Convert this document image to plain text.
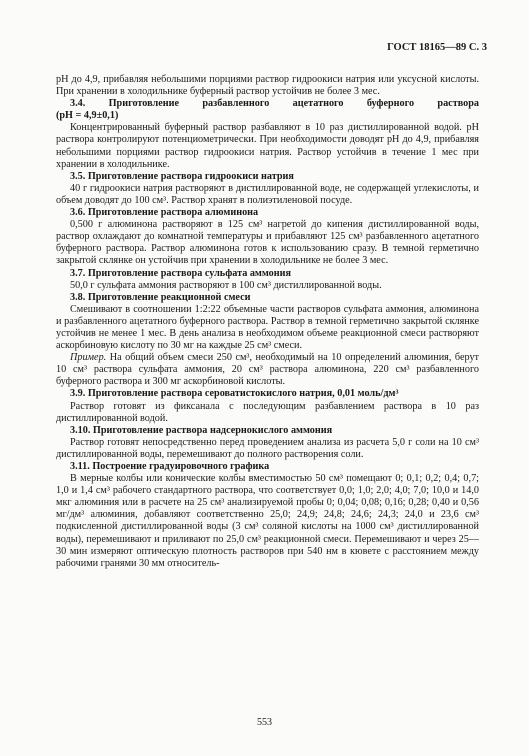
ГОСТ 18165—89 С. 3

pH до 4,9, прибавляя небольшими порциями раствор гидроокиси натрия или уксусной кислоты. При хранении в холодильнике буферный раствор устойчив не более 3 мес.

3.4. Приготовление разбавленного ацетатного буферного раствора
(pH = 4,9±0,1)

Концентрированный буферный раствор разбавляют в 10 раз дистиллированной водой. pH раствора контролируют потенциометрически. При необходимости доводят pH до 4,9, прибавляя небольшими порциями раствор гидроокиси натрия. Раствор устойчив в течение 1 мес при хранении в холодильнике.

3.5. Приготовление раствора гидроокиси натрия

40 г гидроокиси натрия растворяют в дистиллированной воде, не содержащей углекислоты, и объем доводят до 100 см³. Раствор хранят в полиэтиленовой посуде.

3.6. Приготовление раствора алюминона

0,500 г алюминона растворяют в 125 см³ нагретой до кипения дистиллированной воды, раствор охлаждают до комнатной температуры и прибавляют 125 см³ разбавленного ацетатного буферного раствора. Раствор алюминона готов к использованию сразу. В темной герметично закрытой склянке он устойчив при хранении в холодильнике не более 3 мес.

3.7. Приготовление раствора сульфата аммония

50,0 г сульфата аммония растворяют в 100 см³ дистиллированной воды.

3.8. Приготовление реакционной смеси

Смешивают в соотношении 1:2:22 объемные части растворов сульфата аммония, алюминона и разбавленного ацетатного буферного раствора. Раствор в темной герметично закрытой склянке устойчив не менее 1 мес. В день анализа в необходимом объеме реакционной смеси растворяют аскорбиновую кислоту по 30 мг на каждые 25 см³ смеси.

Пример. На общий объем смеси 250 см³, необходимый на 10 определений алюминия, берут 10 см³ раствора сульфата аммония, 20 см³ раствора алюминона, 220 см³ разбавленного буферного раствора и 300 мг аскорбиновой кислоты.

3.9. Приготовление раствора сероватистокислого натрия, 0,01 моль/дм³

Раствор готовят из фиксанала с последующим разбавлением раствора в 10 раз дистиллированной водой.

3.10. Приготовление раствора надсернокислого аммония

Раствор готовят непосредственно перед проведением анализа из расчета 5,0 г соли на 10 см³ дистиллированной воды, перемешивают до полного растворения соли.

3.11. Построение градуировочного графика

В мерные колбы или конические колбы вместимостью 50 см³ помещают 0; 0,1; 0,2; 0,4; 0,7; 1,0 и 1,4 см³ рабочего стандартного раствора, что соответствует 0,0; 1,0; 2,0; 4,0; 7,0; 10,0 и 14,0 мкг алюминия или в расчете на 25 см³ анализируемой пробы 0; 0,04; 0,08; 0,16; 0,28; 0,40 и 0,56 мг/дм³ алюминия, добавляют соответственно 25,0; 24,9; 24,8; 24,6; 24,3; 24,0 и 23,6 см³ подкисленной дистиллированной воды (3 см³ соляной кислоты на 1000 см³ дистиллированной воды), перемешивают и приливают по 25,0 см³ реакционной смеси. Перемешивают и через 25—30 мин измеряют оптическую плотность растворов при 540 нм в кювете с расстоянием между рабочими гранями 30 мм относитель-

553
